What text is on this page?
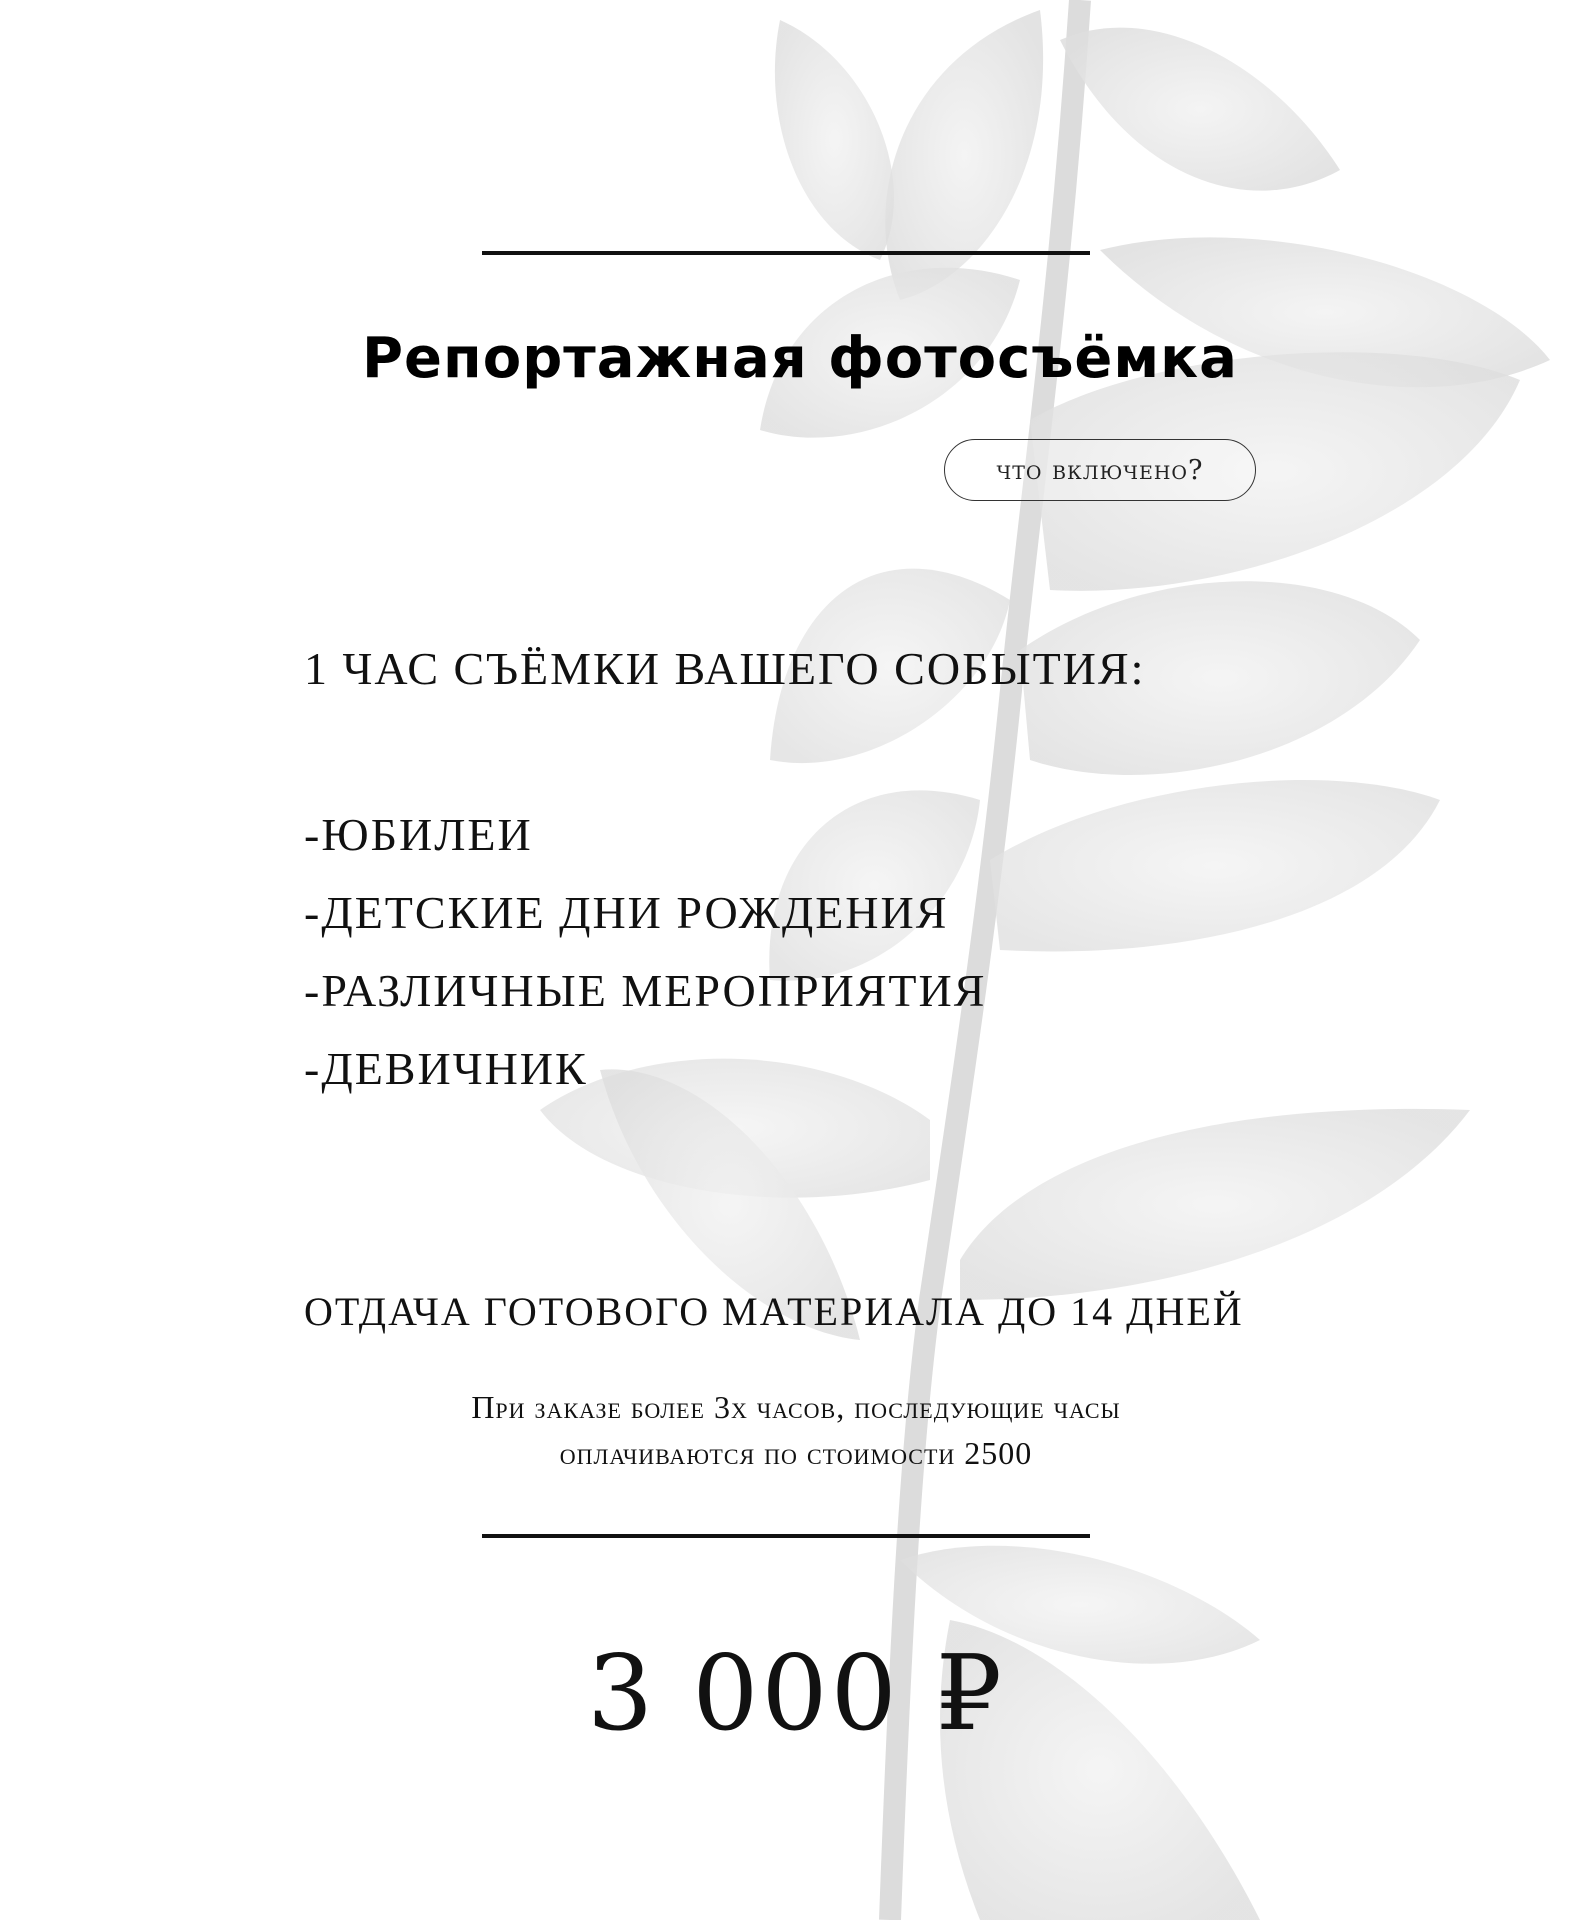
Репортажная фотосъёмка
что включено?
1 ЧАС СЪЁМКИ ВАШЕГО СОБЫТИЯ:
-ЮБИЛЕИ
-ДЕТСКИЕ ДНИ РОЖДЕНИЯ
-РАЗЛИЧНЫЕ МЕРОПРИЯТИЯ
-ДЕВИЧНИК
ОТДАЧА ГОТОВОГО МАТЕРИАЛА ДО 14 ДНЕЙ
При заказе более 3х часов, последующие часы
оплачиваются по стоимости 2500
3 000 ₽
